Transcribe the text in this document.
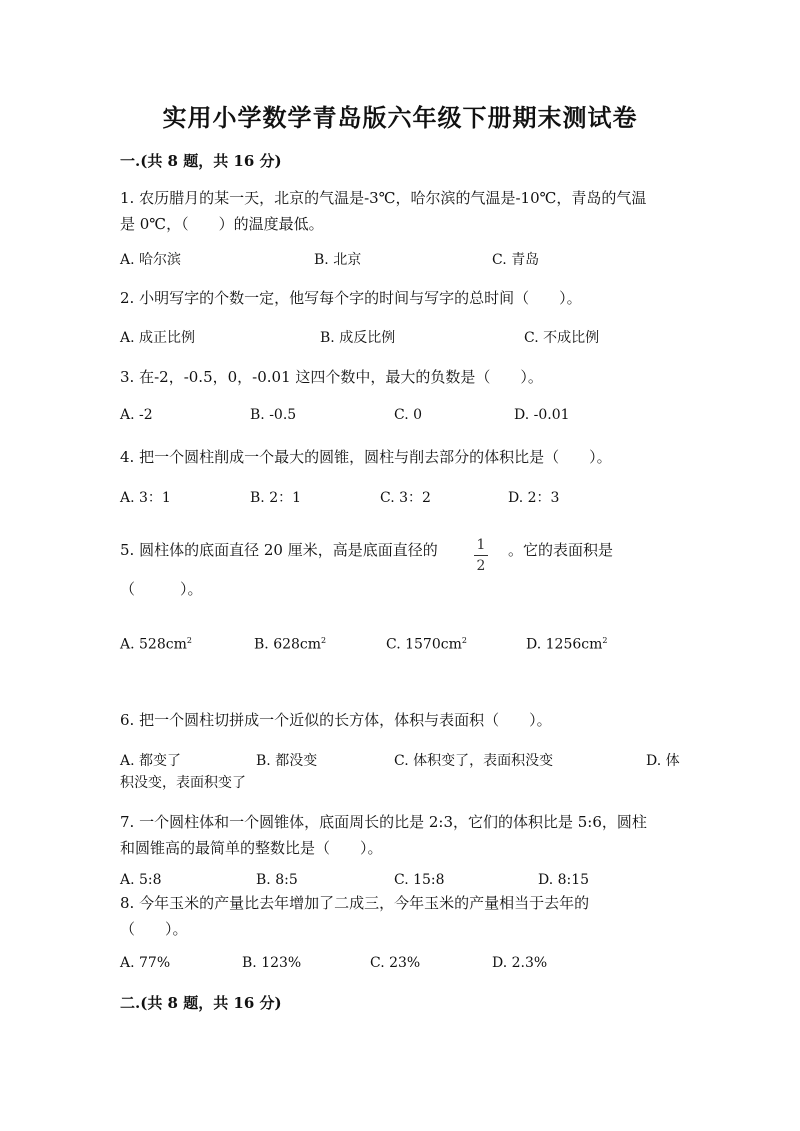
实用小学数学青岛版六年级下册期末测试卷
一.(共 8 题，共 16 分)
1. 农历腊月的某一天，北京的气温是-3℃，哈尔滨的气温是-10℃，青岛的气温
是 0℃，（　　）的温度最低。
A. 哈尔滨	B. 北京	C. 青岛
2. 小明写字的个数一定，他写每个字的时间与写字的总时间（　　）。
A. 成正比例	B. 成反比例	C. 不成比例
3. 在-2，-0.5，0，-0.01 这四个数中，最大的负数是（　　）。
A. -2	B. -0.5	C. 0	D. -0.01
4. 把一个圆柱削成一个最大的圆锥，圆柱与削去部分的体积比是（　　）。
A. 3：1	B. 2：1	C. 3：2	D. 2：3
5. 圆柱体的底面直径 20 厘米，高是底面直径的	1
2
。它的表面积是
（　　　）。
A. $528cm^2$	B. $628cm^2$	C. $1570cm^2$	D. $1256cm^2$
6. 把一个圆柱切拼成一个近似的长方体，体积与表面积（　　）。
A. 都变了	B. 都没变	C. 体积变了，表面积没变	D. 体
积没变，表面积变了
7. 一个圆柱体和一个圆锥体，底面周长的比是 2:3，它们的体积比是 5:6，圆柱
和圆锥高的最简单的整数比是（　　）。
A. 5:8	B. 8:5	C. 15:8	D. 8:15
8. 今年玉米的产量比去年增加了二成三，今年玉米的产量相当于去年的
（　　）。
A. 77%	B. 123%	C. 23%	D. 2.3%
二.(共 8 题，共 16 分)
